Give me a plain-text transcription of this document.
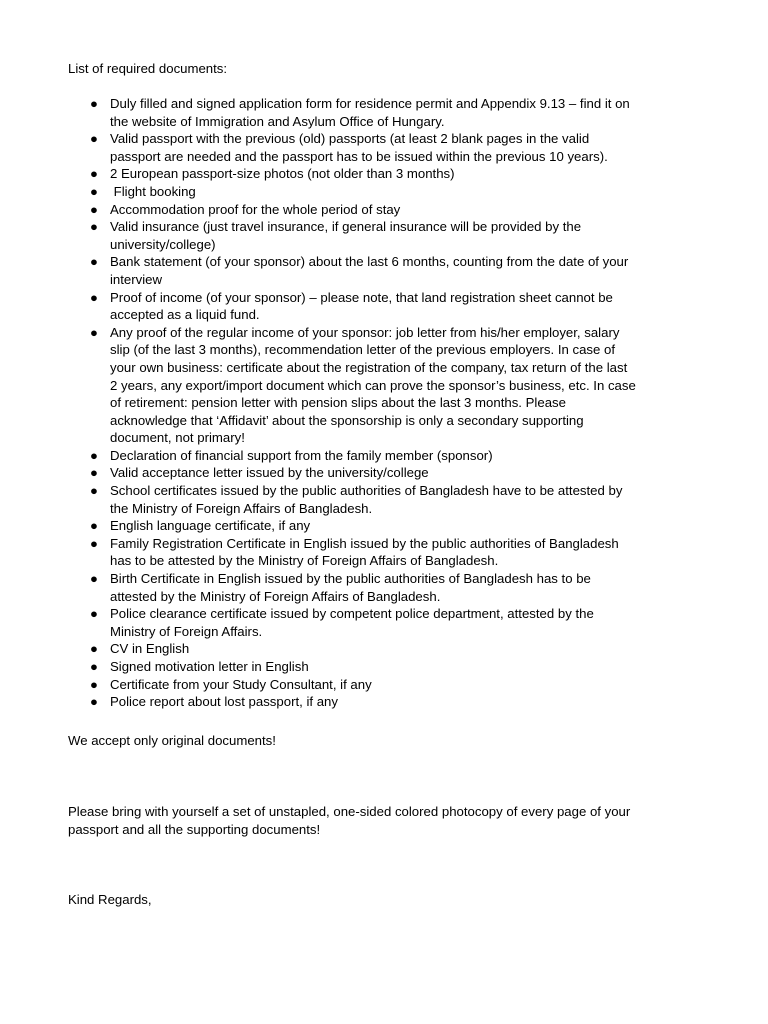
List of required documents:

● Duly filled and signed application form for residence permit and Appendix 9.13 – find it on the website of Immigration and Asylum Office of Hungary.
● Valid passport with the previous (old) passports (at least 2 blank pages in the valid passport are needed and the passport has to be issued within the previous 10 years).
● 2 European passport-size photos (not older than 3 months)
● Flight booking
● Accommodation proof for the whole period of stay
● Valid insurance (just travel insurance, if general insurance will be provided by the university/college)
● Bank statement (of your sponsor) about the last 6 months, counting from the date of your interview
● Proof of income (of your sponsor) – please note, that land registration sheet cannot be accepted as a liquid fund.
● Any proof of the regular income of your sponsor: job letter from his/her employer, salary slip (of the last 3 months), recommendation letter of the previous employers. In case of your own business: certificate about the registration of the company, tax return of the last 2 years, any export/import document which can prove the sponsor’s business, etc. In case of retirement: pension letter with pension slips about the last 3 months. Please acknowledge that ‘Affidavit’ about the sponsorship is only a secondary supporting document, not primary!
● Declaration of financial support from the family member (sponsor)
● Valid acceptance letter issued by the university/college
● School certificates issued by the public authorities of Bangladesh have to be attested by the Ministry of Foreign Affairs of Bangladesh.
● English language certificate, if any
● Family Registration Certificate in English issued by the public authorities of Bangladesh has to be attested by the Ministry of Foreign Affairs of Bangladesh.
● Birth Certificate in English issued by the public authorities of Bangladesh has to be attested by the Ministry of Foreign Affairs of Bangladesh.
● Police clearance certificate issued by competent police department, attested by the Ministry of Foreign Affairs.
● CV in English
● Signed motivation letter in English
● Certificate from your Study Consultant, if any
● Police report about lost passport, if any

We accept only original documents!

Please bring with yourself a set of unstapled, one-sided colored photocopy of every page of your passport and all the supporting documents!

Kind Regards,
